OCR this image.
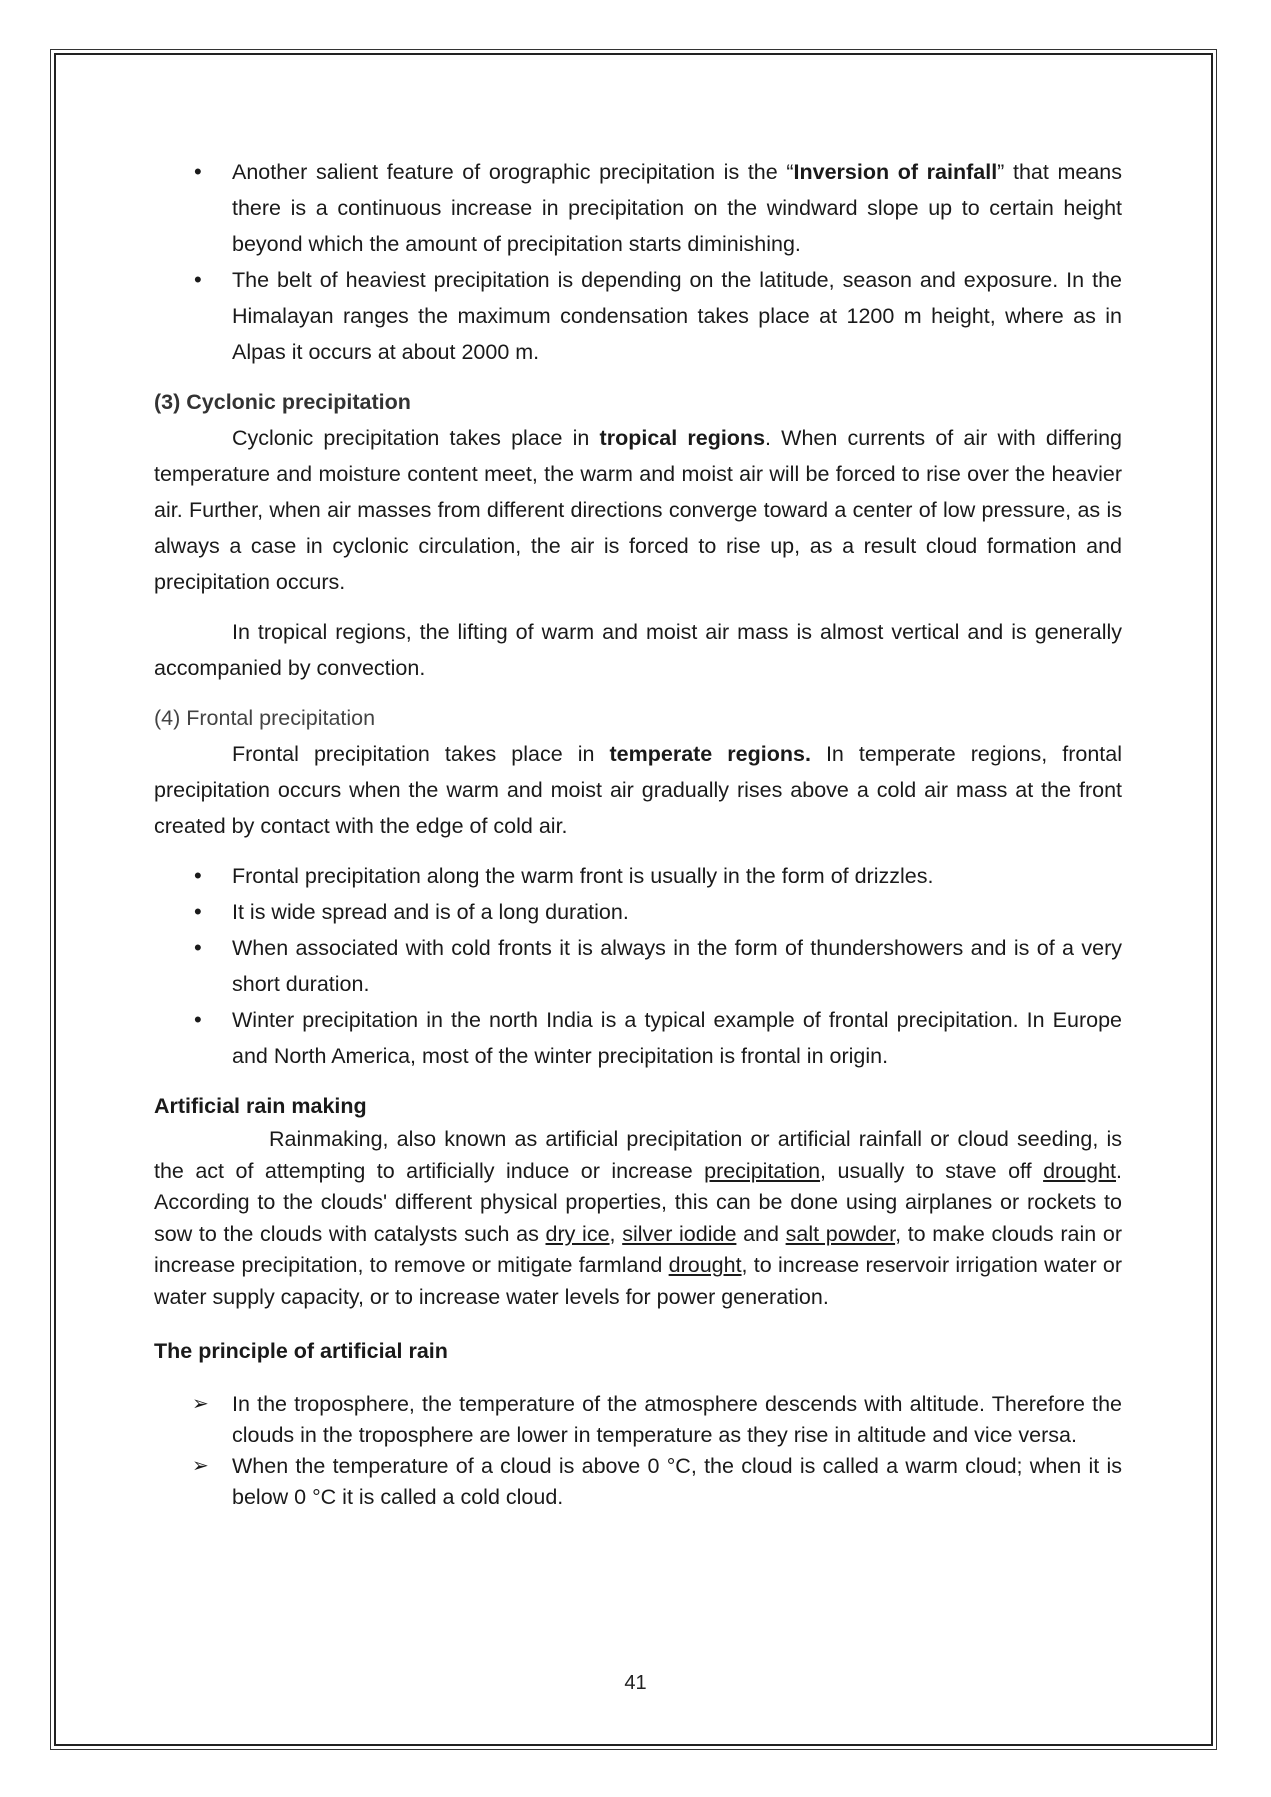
• Another salient feature of orographic precipitation is the “Inversion of rainfall” that means there is a continuous increase in precipitation on the windward slope up to certain height beyond which the amount of precipitation starts diminishing.
• The belt of heaviest precipitation is depending on the latitude, season and exposure. In the Himalayan ranges the maximum condensation takes place at 1200 m height, where as in Alpas it occurs at about 2000 m.

(3) Cyclonic precipitation

Cyclonic precipitation takes place in tropical regions. When currents of air with differing temperature and moisture content meet, the warm and moist air will be forced to rise over the heavier air. Further, when air masses from different directions converge toward a center of low pressure, as is always a case in cyclonic circulation, the air is forced to rise up, as a result cloud formation and precipitation occurs.

In tropical regions, the lifting of warm and moist air mass is almost vertical and is generally accompanied by convection.

(4) Frontal precipitation

Frontal precipitation takes place in temperate regions. In temperate regions, frontal precipitation occurs when the warm and moist air gradually rises above a cold air mass at the front created by contact with the edge of cold air.

• Frontal precipitation along the warm front is usually in the form of drizzles.
• It is wide spread and is of a long duration.
• When associated with cold fronts it is always in the form of thundershowers and is of a very short duration.
• Winter precipitation in the north India is a typical example of frontal precipitation. In Europe and North America, most of the winter precipitation is frontal in origin.

Artificial rain making

Rainmaking, also known as artificial precipitation or artificial rainfall or cloud seeding, is the act of attempting to artificially induce or increase precipitation, usually to stave off drought. According to the clouds' different physical properties, this can be done using airplanes or rockets to sow to the clouds with catalysts such as dry ice, silver iodide and salt powder, to make clouds rain or increase precipitation, to remove or mitigate farmland drought, to increase reservoir irrigation water or water supply capacity, or to increase water levels for power generation.

The principle of artificial rain

➢ In the troposphere, the temperature of the atmosphere descends with altitude. Therefore the clouds in the troposphere are lower in temperature as they rise in altitude and vice versa.
➢ When the temperature of a cloud is above 0 °C, the cloud is called a warm cloud; when it is below 0 °C it is called a cold cloud.
41
